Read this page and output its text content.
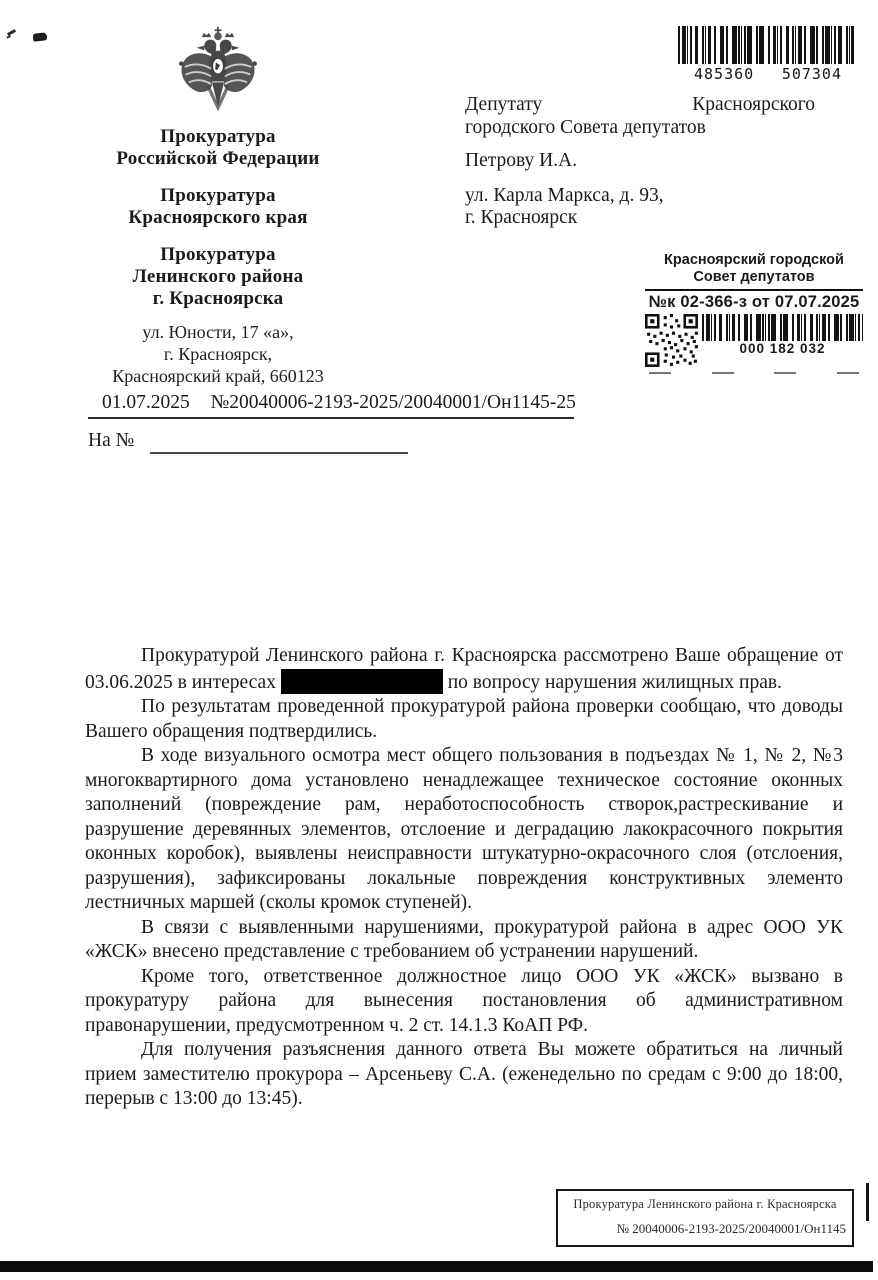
Прокуратура
Российской Федерации
Прокуратура
Красноярского края
Прокуратура
Ленинского района
г. Красноярска
ул. Юности, 17 «а»,
г. Красноярск,
Красноярский край, 660123
485360 507304
Депутату	Красноярского
городского Совета депутатов
Петрову И.А.
ул. Карла Маркса, д. 93,
г. Красноярск
Красноярский городской
Совет депутатов
№к 02-366-з от 07.07.2025
000 182 032
01.07.2025 №20040006-2193-2025/20040001/Он1145-25
На №

Прокуратурой Ленинского района г. Красноярска рассмотрено Ваше обращение от 03.06.2025 в интересах	по вопросу нарушения жилищных прав.

По результатам проведенной прокуратурой района проверки сообщаю, что доводы Вашего обращения подтвердились.

В ходе визуального осмотра мест общего пользования в подъездах № 1, № 2, №3 многоквартирного дома установлено ненадлежащее техническое состояние оконных заполнений (повреждение рам, неработоспособность створок,растрескивание и разрушение деревянных элементов, отслоение и деградацию лакокрасочного покрытия оконных коробок), выявлены неисправности штукатурно-окрасочного слоя (отслоения, разрушения), зафиксированы локальные повреждения конструктивных элементо лестничных маршей (сколы кромок ступеней).

В связи с выявленными нарушениями, прокуратурой района в адрес ООО УК «ЖСК» внесено представление с требованием об устранении нарушений.

Кроме того, ответственное должностное лицо ООО УК «ЖСК» вызвано в прокуратуру района для вынесения постановления об административном правонарушении, предусмотренном ч. 2 ст. 14.1.3 КоАП РФ.

Для получения разъяснения данного ответа Вы можете обратиться на личный прием заместителю прокурора – Арсеньеву С.А. (еженедельно по средам с 9:00 до 18:00, перерыв с 13:00 до 13:45).

Прокуратура Ленинского района г. Красноярска
№ 20040006-2193-2025/20040001/Он1145
